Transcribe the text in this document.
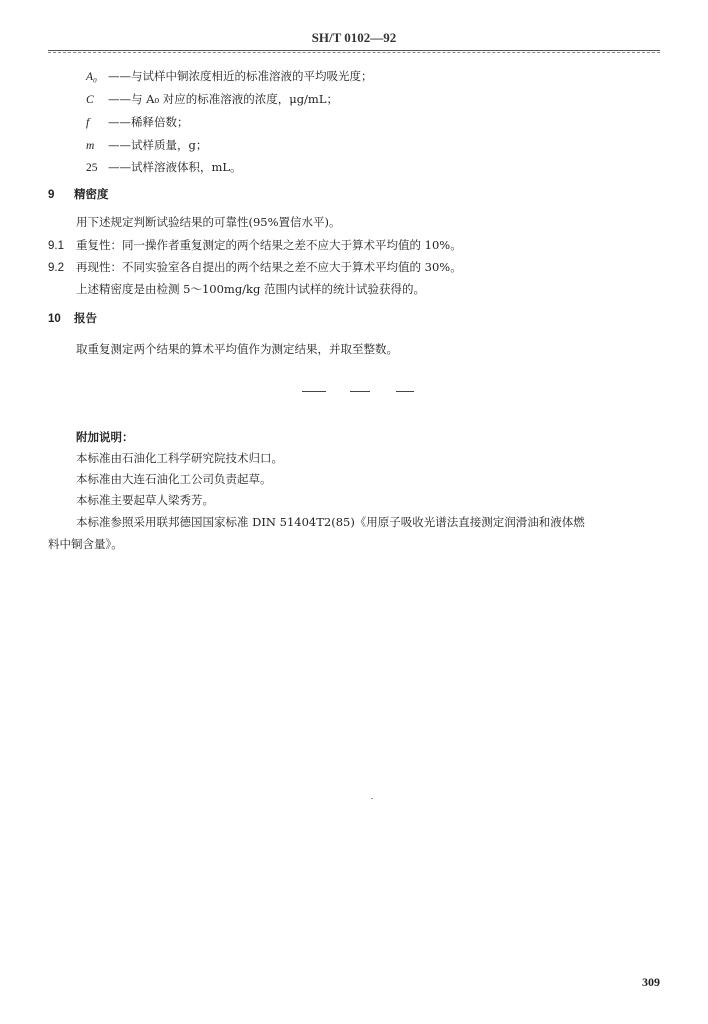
SH/T 0102—92
A₀ ——与试样中铜浓度相近的标准溶液的平均吸光度；
C ——与 A₀ 对应的标准溶液的浓度，μg/mL；
f ——稀释倍数；
m ——试样质量，g；
25 ——试样溶液体积，mL。
9 精密度
用下述规定判断试验结果的可靠性(95%置信水平)。
9.1 重复性：同一操作者重复测定的两个结果之差不应大于算术平均值的 10%。
9.2 再现性：不同实验室各自提出的两个结果之差不应大于算术平均值的 30%。
上述精密度是由检测 5～100mg/kg 范围内试样的统计试验获得的。
10 报告
取重复测定两个结果的算术平均值作为测定结果，并取至整数。
附加说明：
本标准由石油化工科学研究院技术归口。
本标准由大连石油化工公司负责起草。
本标准主要起草人梁秀芳。
本标准参照采用联邦德国国家标准 DIN 51404T2(85)《用原子吸收光谱法直接测定润滑油和液体燃
料中铜含量》。
309
